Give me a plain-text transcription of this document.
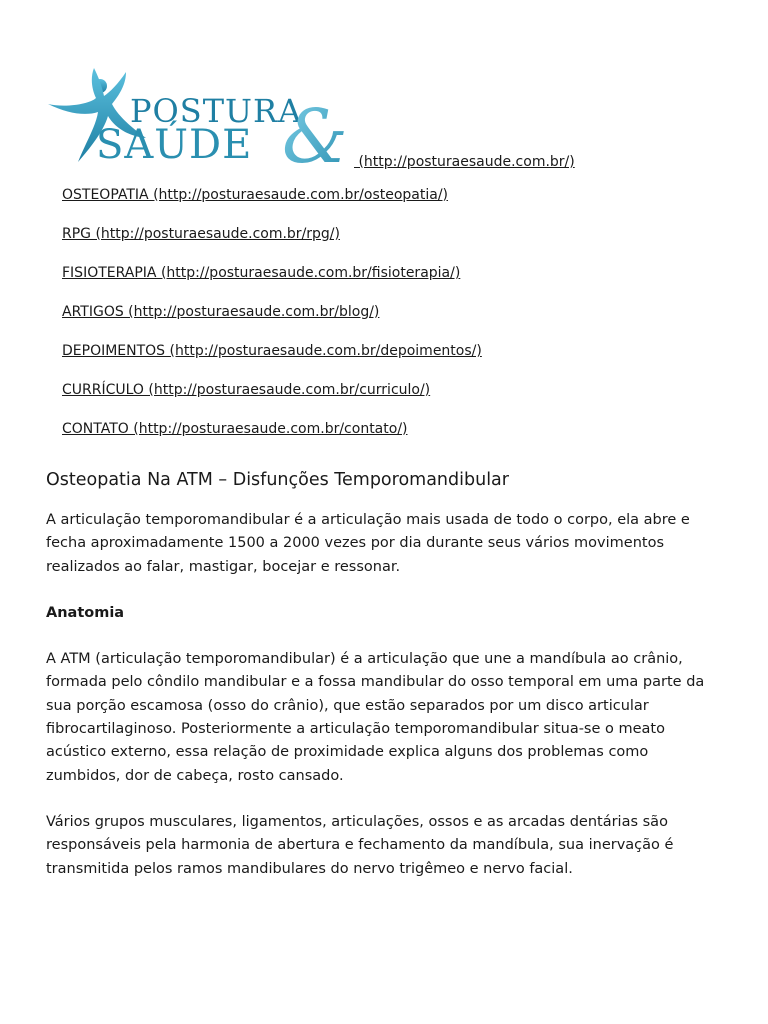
POSTURA
SAÚDE & (http://posturaesaude.com.br/)
OSTEOPATIA (http://posturaesaude.com.br/osteopatia/)
RPG (http://posturaesaude.com.br/rpg/)
FISIOTERAPIA (http://posturaesaude.com.br/fisioterapia/)
ARTIGOS (http://posturaesaude.com.br/blog/)
DEPOIMENTOS (http://posturaesaude.com.br/depoimentos/)
CURRÍCULO (http://posturaesaude.com.br/curriculo/)
CONTATO (http://posturaesaude.com.br/contato/)
Osteopatia Na ATM – Disfunções Temporomandibular

A articulação temporomandibular é a articulação mais usada de todo o corpo, ela abre e fecha aproximadamente 1500 a 2000 vezes por dia durante seus vários movimentos realizados ao falar, mastigar, bocejar e ressonar.

Anatomia

A ATM (articulação temporomandibular) é a articulação que une a mandíbula ao crânio, formada pelo côndilo mandibular e a fossa mandibular do osso temporal em uma parte da sua porção escamosa (osso do crânio), que estão separados por um disco articular fibrocartilaginoso. Posteriormente a articulação temporomandibular situa-se o meato acústico externo, essa relação de proximidade explica alguns dos problemas como zumbidos, dor de cabeça, rosto cansado.

Vários grupos musculares, ligamentos, articulações, ossos e as arcadas dentárias são responsáveis pela harmonia de abertura e fechamento da mandíbula, sua inervação é transmitida pelos ramos mandibulares do nervo trigêmeo e nervo facial.
